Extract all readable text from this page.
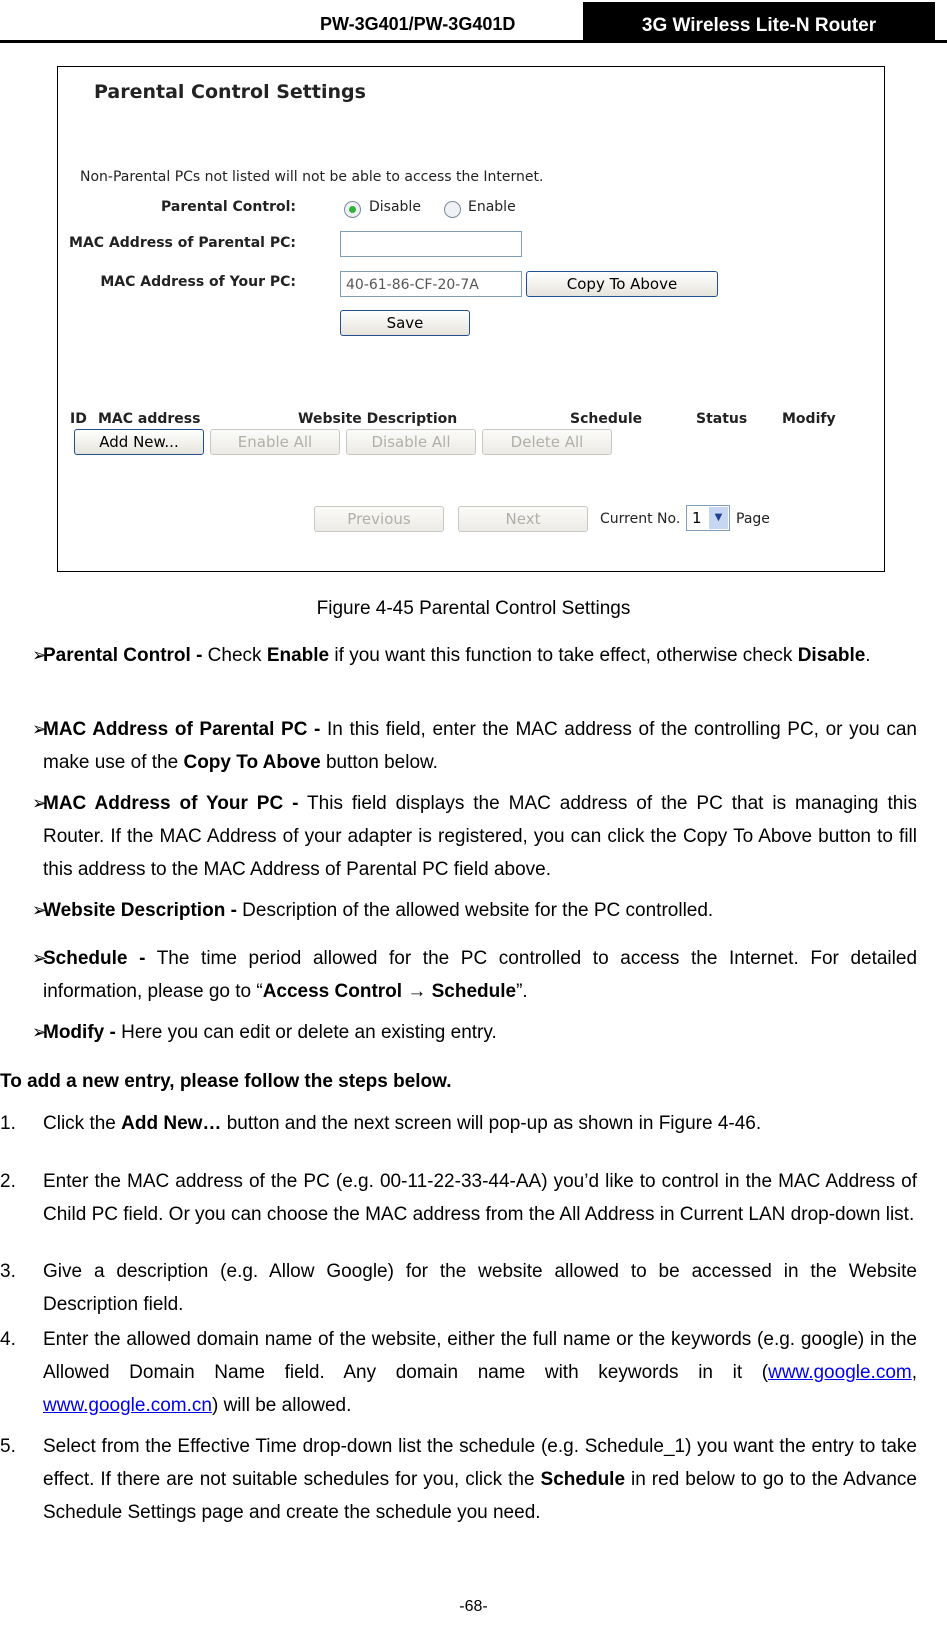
PW-3G401/PW-3G401D	3G Wireless Lite-N Router
Parental Control Settings
Non-Parental PCs not listed will not be able to access the Internet.
Parental Control:	Disable	Enable
MAC Address of Parental PC:
MAC Address of Your PC:	40-61-86-CF-20-7A	Copy To Above
Save
ID MAC address	Website Description	Schedule	Status Modify
Add New...	Enable All	Disable All	Delete All
Previous	Next	Current No. 1	▼ Page
Figure 4-45 Parental Control Settings
➢
Parental Control - Check Enable if you want this function to take effect, otherwise check Disable.
➢
MAC Address of Parental PC - In this field, enter the MAC address of the controlling PC, or you can make use of the Copy To Above button below.
➢
MAC Address of Your PC - This field displays the MAC address of the PC that is managing this Router. If the MAC Address of your adapter is registered, you can click the Copy To Above button to fill this address to the MAC Address of Parental PC field above.
➢
Website Description - Description of the allowed website for the PC controlled.
➢
Schedule - The time period allowed for the PC controlled to access the Internet. For detailed information, please go to “Access Control → Schedule”.
➢
Modify - Here you can edit or delete an existing entry.
To add a new entry, please follow the steps below.
1. Click the Add New… button and the next screen will pop-up as shown in Figure 4-46.
2. Enter the MAC address of the PC (e.g. 00-11-22-33-44-AA) you’d like to control in the MAC Address of Child PC field. Or you can choose the MAC address from the All Address in Current LAN drop-down list.
3. Give a description (e.g. Allow Google) for the website allowed to be accessed in the Website Description field.
4. Enter the allowed domain name of the website, either the full name or the keywords (e.g. google) in the Allowed Domain Name field. Any domain name with keywords in it (www.google.com, www.google.com.cn) will be allowed.
5. Select from the Effective Time drop-down list the schedule (e.g. Schedule_1) you want the entry to take effect. If there are not suitable schedules for you, click the Schedule in red below to go to the Advance Schedule Settings page and create the schedule you need.
-68-
